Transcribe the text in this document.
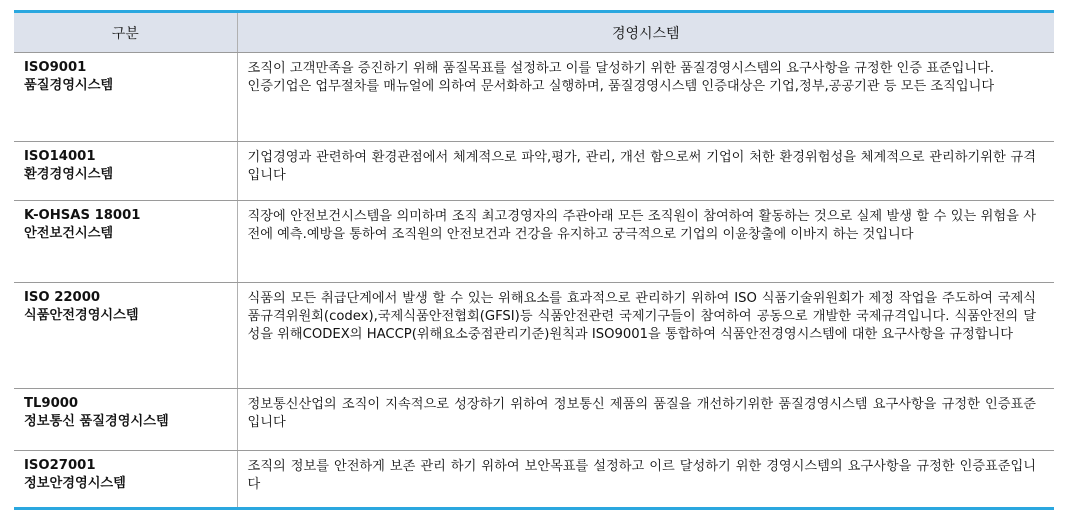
구분	경영시스템

ISO9001
품질경영시스템	조직이 고객만족을 증진하기 위해 품질목표를 설정하고 이를 달성하기 위한 품질경영시스템의 요구사항을 규정한 인증 표준입니다.
인증기업은 업무절차를 매뉴얼에 의하여 문서화하고 실행하며, 품질경영시스템 인증대상은 기업,정부,공공기관 등 모든 조직입니다

ISO14001
환경경영시스템	기업경영과 관련하여 환경관점에서 체계적으로 파악,평가, 관리, 개선 함으로써 기업이 처한 환경위험성을 체계적으로 관리하기위한 규격입니다

K-OHSAS 18001
안전보건시스템	직장에 안전보건시스템을 의미하며 조직 최고경영자의 주관아래 모든 조직원이 참여하여 활동하는 것으로 실제 발생 할 수 있는 위험을 사전에 예측.예방을 통하여 조직원의 안전보건과 건강을 유지하고 궁극적으로 기업의 이윤창출에 이바지 하는 것입니다

ISO 22000
식품안전경영시스템	식품의 모든 취급단계에서 발생 할 수 있는 위해요소를 효과적으로 관리하기 위하여 ISO 식품기술위원회가 제정 작업을 주도하여 국제식품규격위원회(codex),국제식품안전협회(GFSI)등 식품안전관련 국제기구들이 참여하여 공동으로 개발한 국제규격입니다. 식품안전의 달성을 위해CODEX의 HACCP(위해요소중점관리기준)원칙과 ISO9001을 통합하여 식품안전경영시스템에 대한 요구사항을 규정합니다

TL9000
정보통신 품질경영시스템	정보통신산업의 조직이 지속적으로 성장하기 위하여 정보통신 제품의 품질을 개선하기위한 품질경영시스템 요구사항을 규정한 인증표준입니다

ISO27001
정보안경영시스템	조직의 정보를 안전하게 보존 관리 하기 위하여 보안목표를 설정하고 이르 달성하기 위한 경영시스템의 요구사항을 규정한 인증표준입니다
